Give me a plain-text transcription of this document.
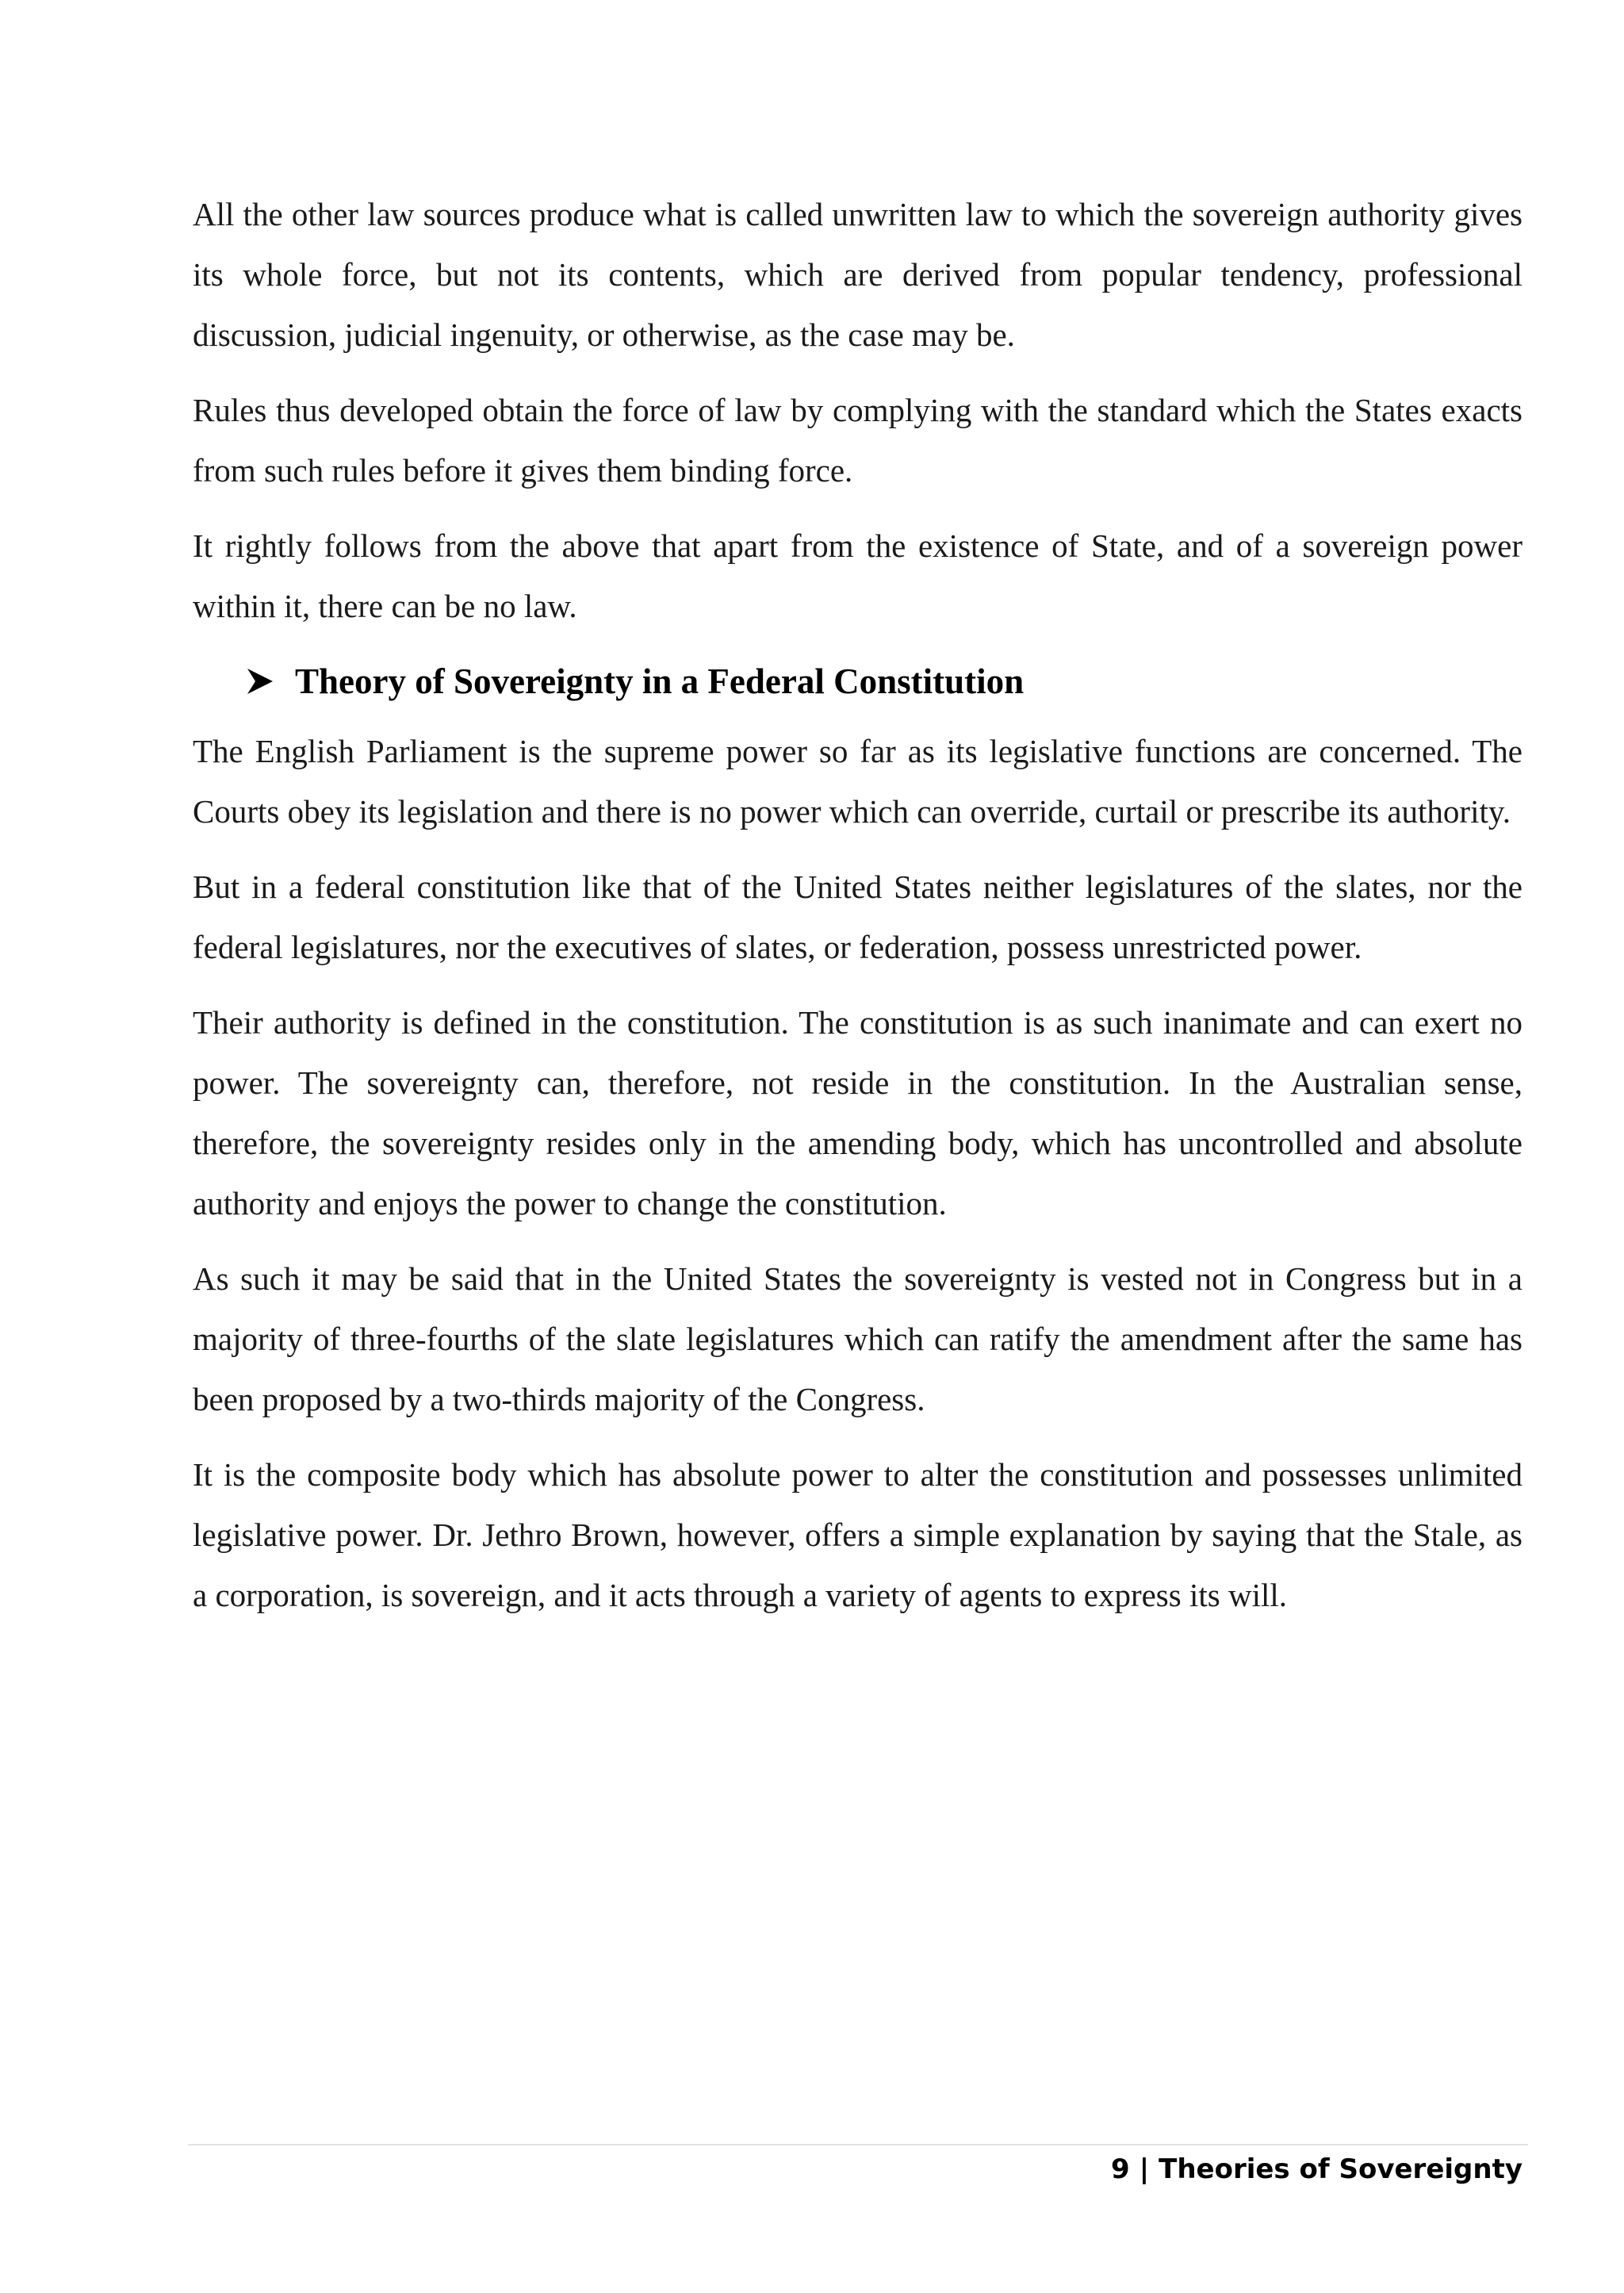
All the other law sources produce what is called unwritten law to which the sovereign authority gives its whole force, but not its contents, which are derived from popular tendency, professional discussion, judicial ingenuity, or otherwise, as the case may be.

Rules thus developed obtain the force of law by complying with the standard which the States exacts from such rules before it gives them binding force.

It rightly follows from the above that apart from the existence of State, and of a sovereign power within it, there can be no law.

Theory of Sovereignty in a Federal Constitution

The English Parliament is the supreme power so far as its legislative functions are concerned. The Courts obey its legislation and there is no power which can override, curtail or prescribe its authority.

But in a federal constitution like that of the United States neither legislatures of the slates, nor the federal legislatures, nor the executives of slates, or federation, possess unrestricted power.

Their authority is defined in the constitution. The constitution is as such inanimate and can exert no power. The sovereignty can, therefore, not reside in the constitution. In the Australian sense, therefore, the sovereignty resides only in the amending body, which has uncontrolled and absolute authority and enjoys the power to change the constitution.

As such it may be said that in the United States the sovereignty is vested not in Congress but in a majority of three-fourths of the slate legislatures which can ratify the amendment after the same has been proposed by a two-thirds majority of the Congress.

It is the composite body which has absolute power to alter the constitution and possesses unlimited legislative power. Dr. Jethro Brown, however, offers a simple explanation by saying that the Stale, as a corporation, is sovereign, and it acts through a variety of agents to express its will.

9 | Theories of Sovereignty
